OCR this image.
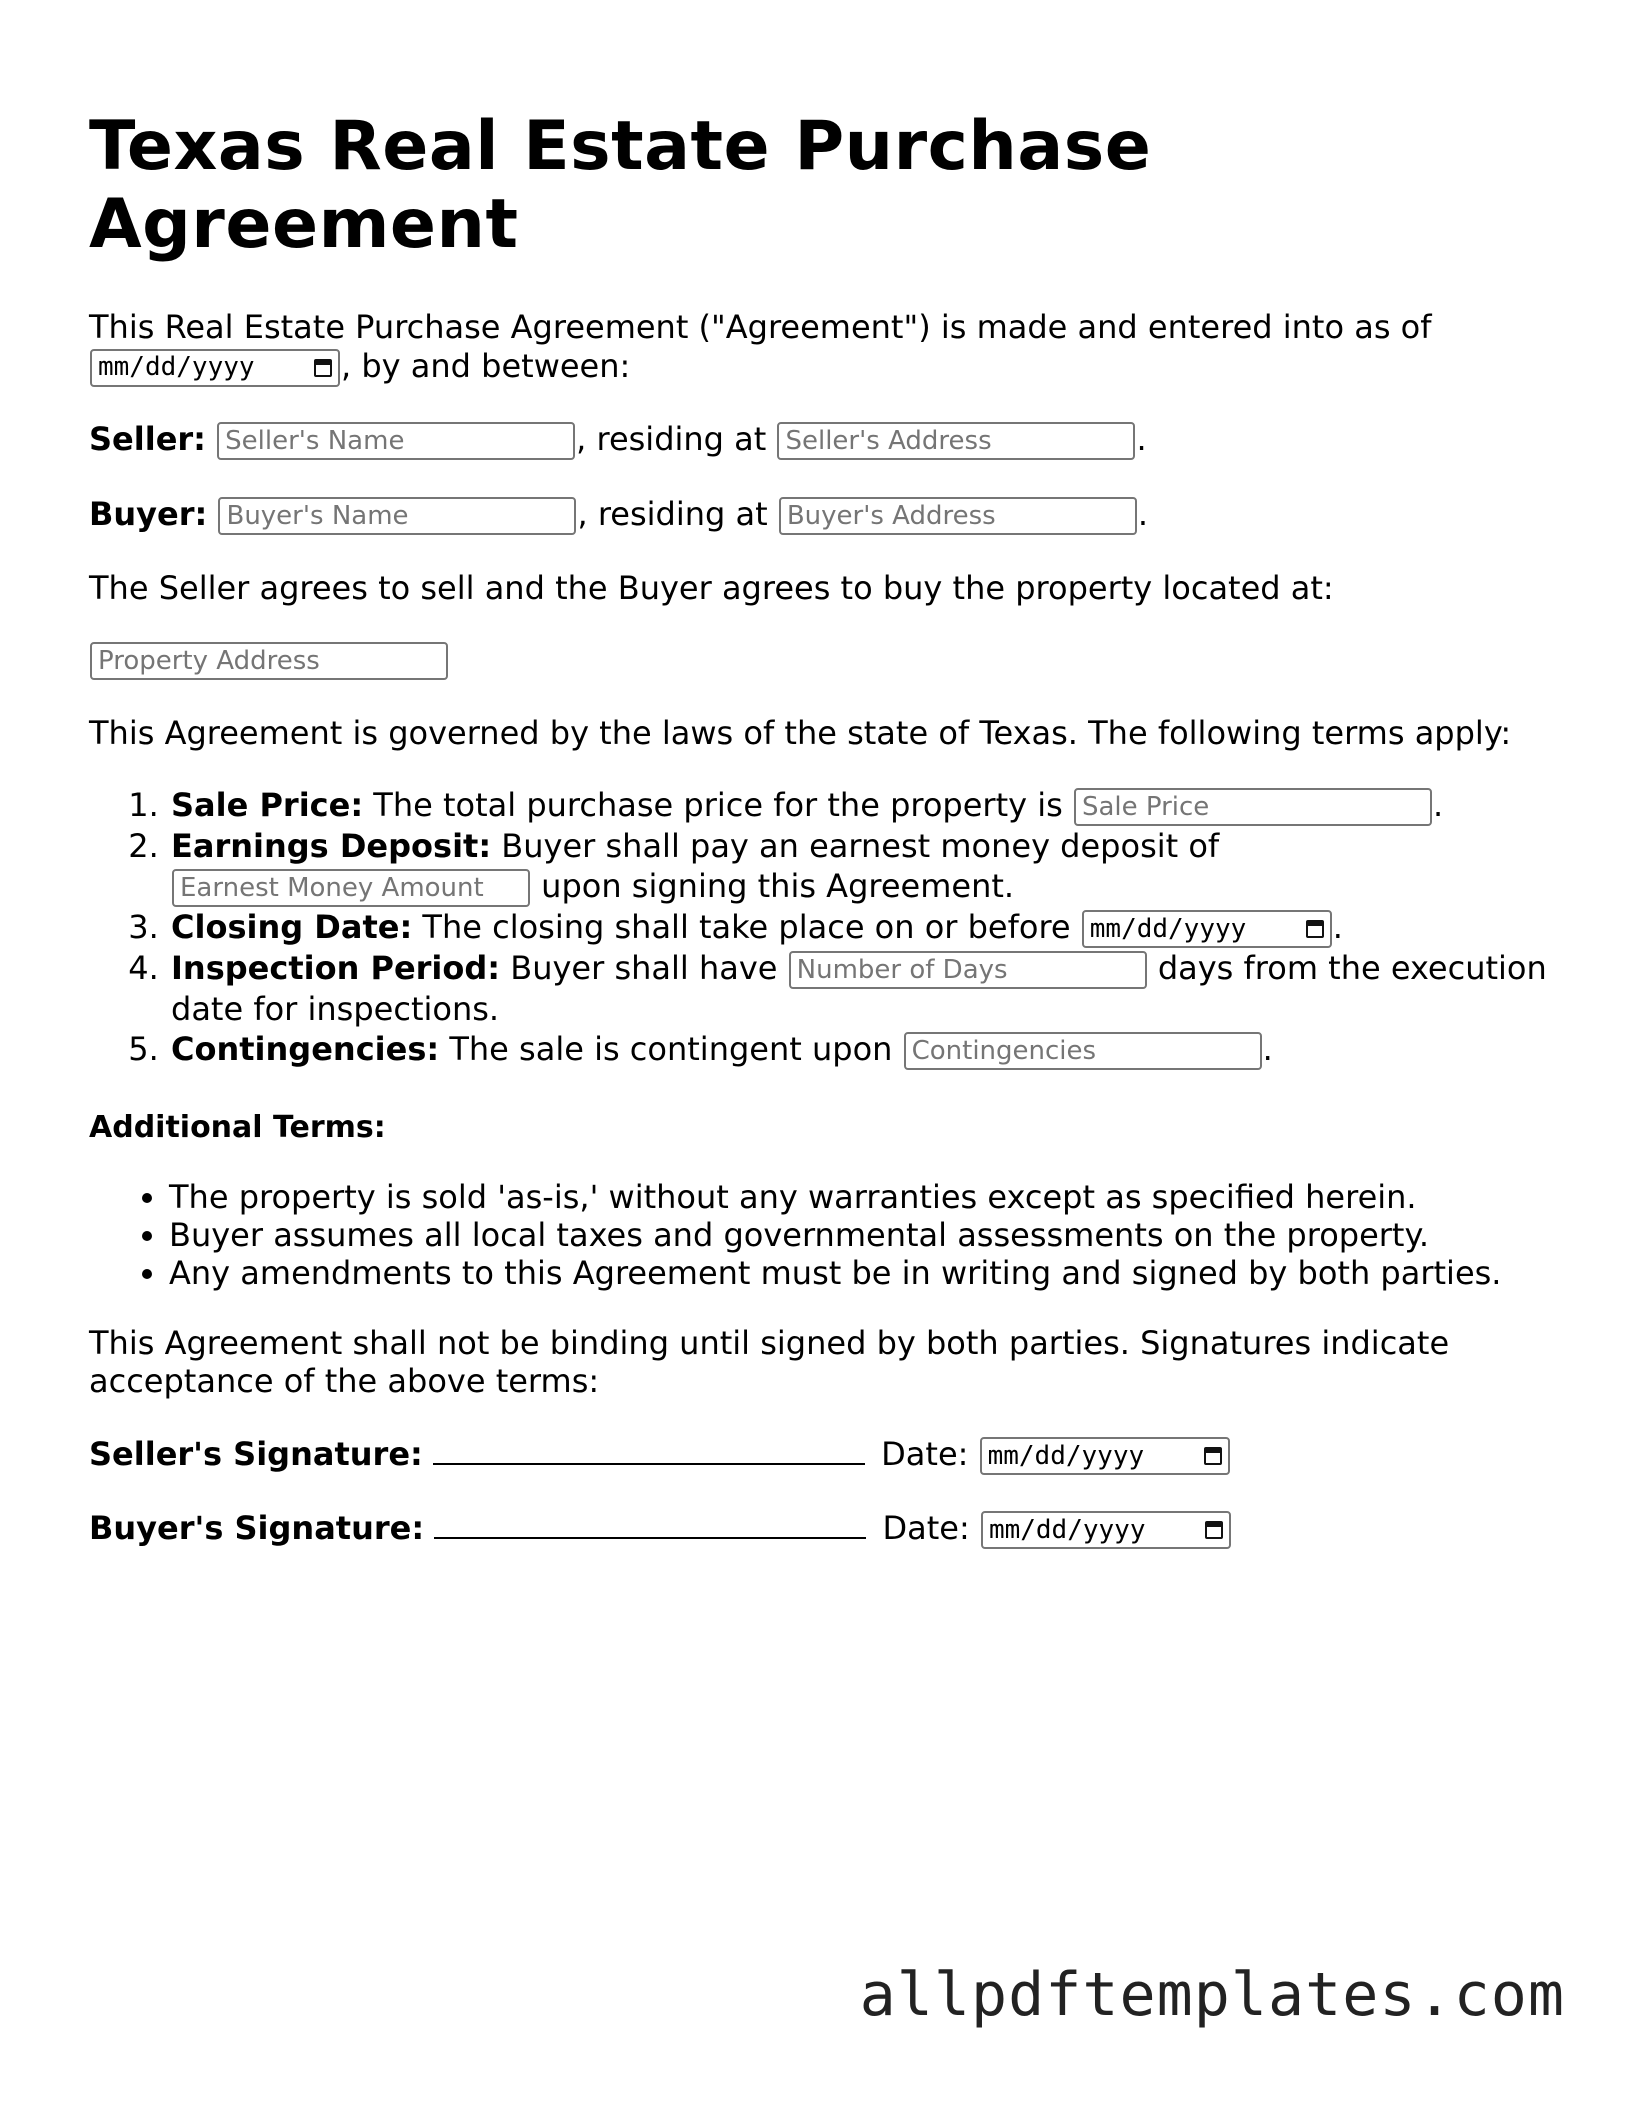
Texas Real Estate Purchase Agreement

This Real Estate Purchase Agreement ("Agreement") is made and entered into as of

mm/dd/yyyy	, by and between:

Seller: Seller's Name	, residing at Seller's Address	.
Buyer: Buyer's Name	, residing at Buyer's Address	.

The Seller agrees to sell and the Buyer agrees to buy the property located at:

Property Address

This Agreement is governed by the laws of the state of Texas. The following terms apply:

1. Sale Price: The total purchase price for the property is Sale Price	.
2. Earnings Deposit: Buyer shall pay an earnest money deposit of
Earnest Money Amount upon signing this Agreement.
3. Closing Date: The closing shall take place on or before mm/dd/yyyy	.
4. Inspection Period: Buyer shall have Number of Days	days from the execution date for inspections.
5. Contingencies: The sale is contingent upon Contingencies	.
Additional Terms:
• The property is sold 'as-is,' without any warranties except as specified herein.
• Buyer assumes all local taxes and governmental assessments on the property.
• Any amendments to this Agreement must be in writing and signed by both parties.

This Agreement shall not be binding until signed by both parties. Signatures indicate acceptance of the above terms:

Seller's Signature:	Date: mm/dd/yyyy
Buyer's Signature:	Date: mm/dd/yyyy
allpdftemplates.com
